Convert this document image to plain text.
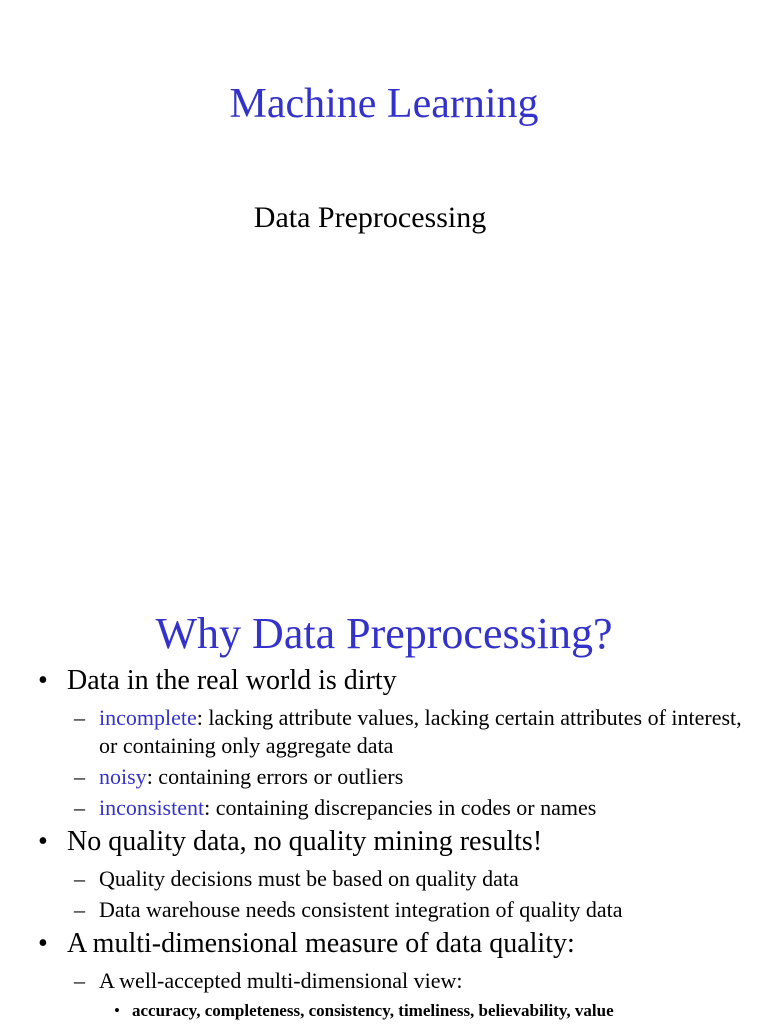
Machine Learning

Data Preprocessing

Why Data Preprocessing?
• Data in the real world is dirty
– incomplete: lacking attribute values, lacking certain attributes of interest, or containing only aggregate data
– noisy: containing errors or outliers
– inconsistent: containing discrepancies in codes or names
• No quality data, no quality mining results!
– Quality decisions must be based on quality data
– Data warehouse needs consistent integration of quality data
• A multi-dimensional measure of data quality:
– A well-accepted multi-dimensional view:
• accuracy, completeness, consistency, timeliness, believability, value
